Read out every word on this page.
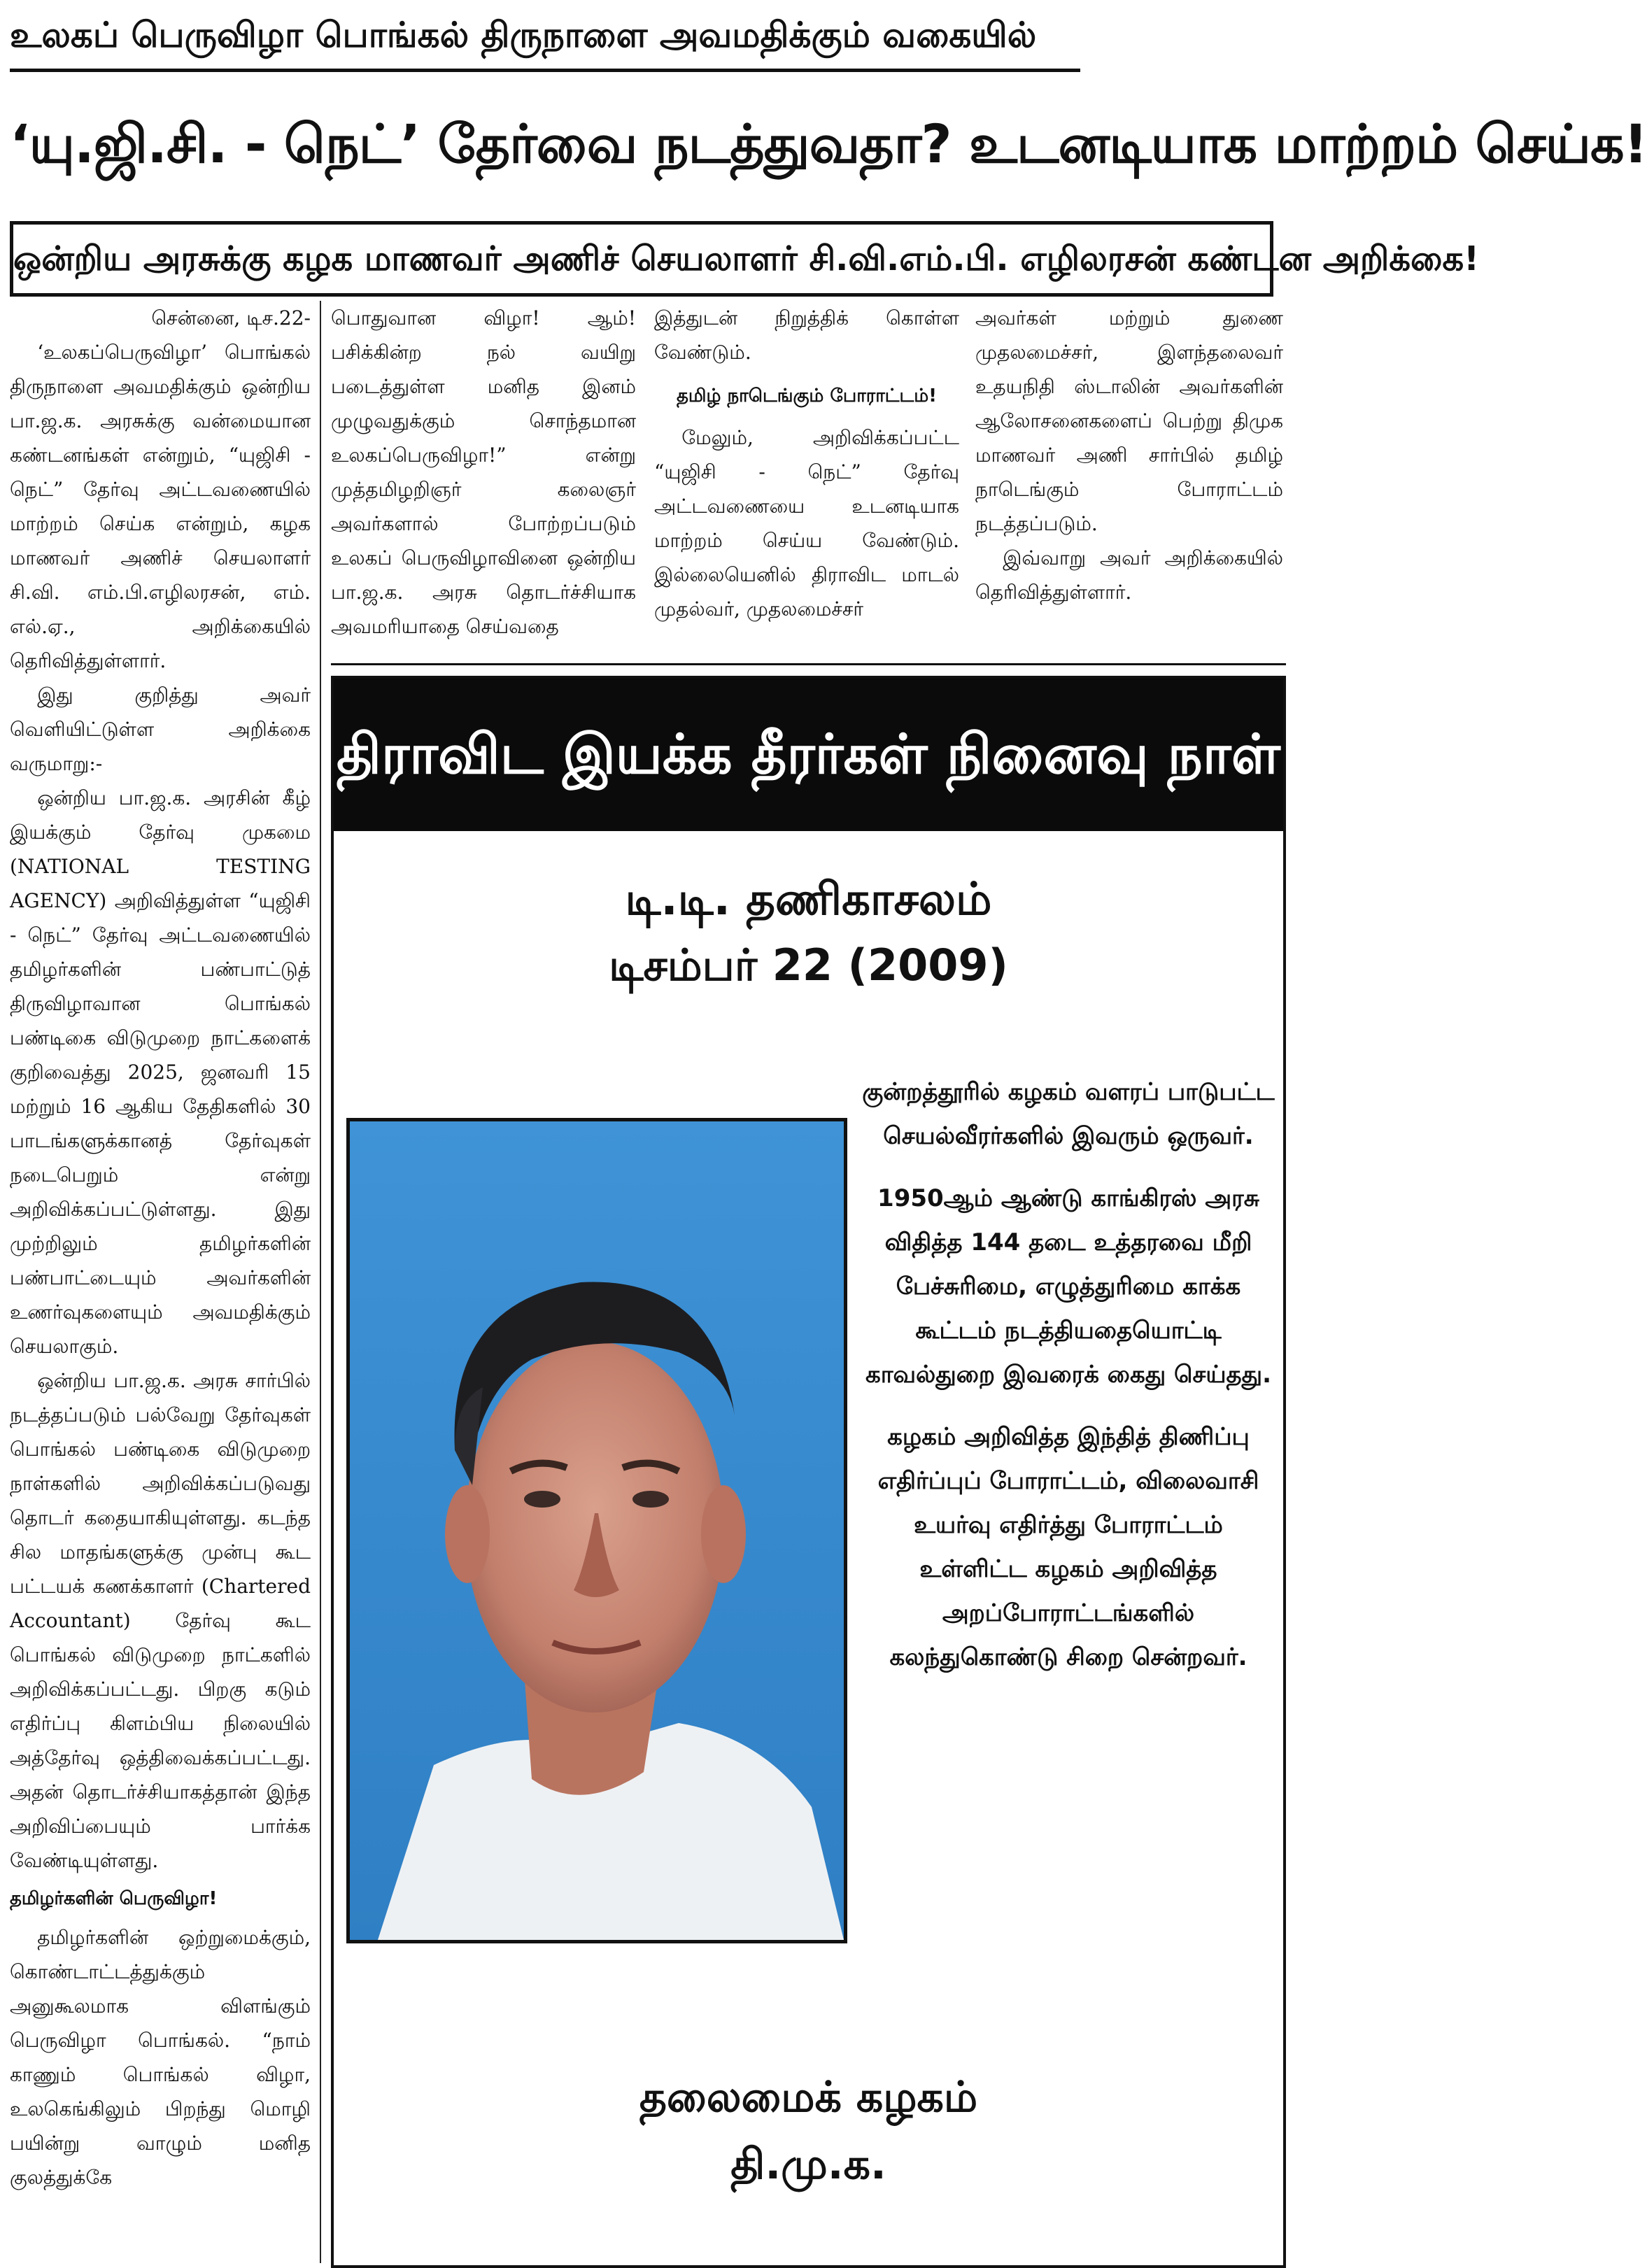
உலகப் பெருவிழா பொங்கல் திருநாளை அவமதிக்கும் வகையில்
‘யு.ஜி.சி. - நெட்’ தேர்வை நடத்துவதா? உடனடியாக மாற்றம் செய்க!
ஒன்றிய அரசுக்கு கழக மாணவர் அணிச் செயலாளர் சி.வி.எம்.பி. எழிலரசன் கண்டன அறிக்கை!

சென்னை, டிச.22-

‘உலகப்பெருவிழா’ பொங்கல் திருநாளை அவமதிக்கும் ஒன்றிய பா.ஜ.க. அரசுக்கு வன்மையான கண்டனங்கள் என்றும், “யுஜிசி - நெட்” தேர்வு அட்டவணையில் மாற்றம் செய்க என்றும், கழக மாணவர் அணிச் செயலாளர் சி.வி. எம்.பி.எழிலரசன், எம். எல்.ஏ., அறிக்கையில் தெரிவித்துள்ளார்.

இது குறித்து அவர் வெளியிட்டுள்ள அறிக்கை வருமாறு:-

ஒன்றிய பா.ஜ.க. அரசின் கீழ் இயக்கும் தேர்வு முகமை (NATIONAL TESTING AGENCY) அறிவித்துள்ள “யுஜிசி - நெட்” தேர்வு அட்டவணையில் தமிழர்களின் பண்பாட்டுத் திருவிழாவான பொங்கல் பண்டிகை விடுமுறை நாட்களைக் குறிவைத்து 2025, ஜனவரி 15 மற்றும் 16 ஆகிய தேதிகளில் 30 பாடங்களுக்கானத் தேர்வுகள் நடைபெறும் என்று அறிவிக்கப்பட்டுள்ளது. இது முற்றிலும் தமிழர்களின் பண்பாட்டையும் அவர்களின் உணர்வுகளையும் அவமதிக்கும் செயலாகும்.

ஒன்றிய பா.ஜ.க. அரசு சார்பில் நடத்தப்படும் பல்வேறு தேர்வுகள் பொங்கல் பண்டிகை விடுமுறை நாள்களில் அறிவிக்கப்படுவது தொடர் கதையாகியுள்ளது. கடந்த சில மாதங்களுக்கு முன்பு கூட பட்டயக் கணக்காளர் (Chartered Accountant) தேர்வு கூட பொங்கல் விடுமுறை நாட்களில் அறிவிக்கப்பட்டது. பிறகு கடும் எதிர்ப்பு கிளம்பிய நிலையில் அத்தேர்வு ஒத்திவைக்கப்பட்டது. அதன் தொடர்ச்சியாகத்தான் இந்த அறிவிப்பையும் பார்க்க வேண்டியுள்ளது.

தமிழர்களின் பெருவிழா!

தமிழர்களின் ஒற்றுமைக்கும், கொண்டாட்டத்துக்கும் அனுகூலமாக விளங்கும் பெருவிழா பொங்கல். “நாம் காணும் பொங்கல் விழா, உலகெங்கிலும் பிறந்து மொழி பயின்று வாழும் மனித குலத்துக்கே

பொதுவான விழா! ஆம்! பசிக்கின்ற நல் வயிறு படைத்துள்ள மனித இனம் முழுவதுக்கும் சொந்தமான உலகப்பெருவிழா!” என்று முத்தமிழறிஞர் கலைஞர் அவர்களால் போற்றப்படும் உலகப் பெருவிழாவினை ஒன்றிய பா.ஜ.க. அரசு தொடர்ச்சியாக அவமரியாதை செய்வதை

இத்துடன் நிறுத்திக் கொள்ள வேண்டும்.

தமிழ் நாடெங்கும் போராட்டம்!

மேலும், அறிவிக்கப்பட்ட “யுஜிசி - நெட்” தேர்வு அட்டவணையை உடனடியாக மாற்றம் செய்ய வேண்டும். இல்லையெனில் திராவிட மாடல் முதல்வர், முதலமைச்சர்

அவர்கள் மற்றும் துணை முதலமைச்சர், இளந்தலைவர் உதயநிதி ஸ்டாலின் அவர்களின் ஆலோசனைகளைப் பெற்று திமுக மாணவர் அணி சார்பில் தமிழ் நாடெங்கும் போராட்டம் நடத்தப்படும்.

இவ்வாறு அவர் அறிக்கையில் தெரிவித்துள்ளார்.

திராவிட இயக்க தீரர்கள் நினைவு நாள்
டி.டி. தணிகாசலம்
டிசம்பர் 22 (2009)

குன்றத்தூரில் கழகம் வளரப் பாடுபட்ட செயல்வீரர்களில் இவரும் ஒருவர்.

1950ஆம் ஆண்டு காங்கிரஸ் அரசு விதித்த 144 தடை உத்தரவை மீறி பேச்சுரிமை, எழுத்துரிமை காக்க கூட்டம் நடத்தியதையொட்டி காவல்துறை இவரைக் கைது செய்தது.

கழகம் அறிவித்த இந்தித் திணிப்பு எதிர்ப்புப் போராட்டம், விலைவாசி உயர்வு எதிர்த்து போராட்டம் உள்ளிட்ட கழகம் அறிவித்த அறப்போராட்டங்களில் கலந்துகொண்டு சிறை சென்றவர்.

தலைமைக் கழகம்
தி.மு.க.
